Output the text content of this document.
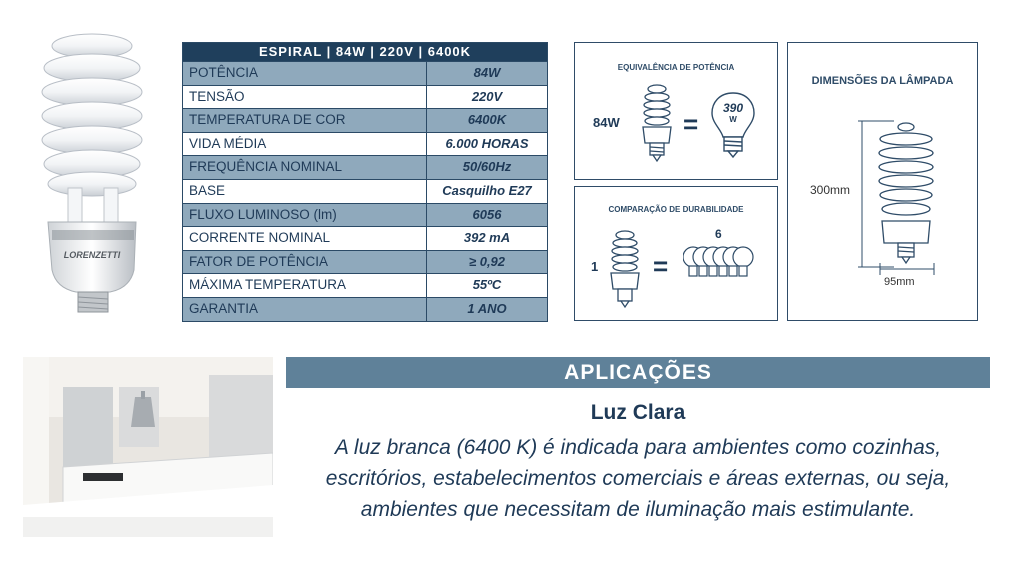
LORENZETTI
ESPIRAL | 84W | 220V | 6400K
POTÊNCIA	84W
TENSÃO	220V
TEMPERATURA DE COR	6400K
VIDA MÉDIA	6.000 HORAS
FREQUÊNCIA NOMINAL	50/60Hz
BASE	Casquilho E27
FLUXO LUMINOSO (lm)	6056
CORRENTE NOMINAL	392 mA
FATOR DE POTÊNCIA	≥ 0,92
MÁXIMA TEMPERATURA	55ºC
GARANTIA	1 ANO
EQUIVALÊNCIA DE POTÊNCIA
84W =
390
W
COMPARAÇÃO DE DURABILIDADE
1 =
6
DIMENSÕES DA LÂMPADA
300mm
95mm
APLICAÇÕES
Luz Clara
A luz branca (6400 K) é indicada para ambientes como cozinhas, escritórios, estabelecimentos comerciais e áreas externas, ou seja, ambientes que necessitam de iluminação mais estimulante.
